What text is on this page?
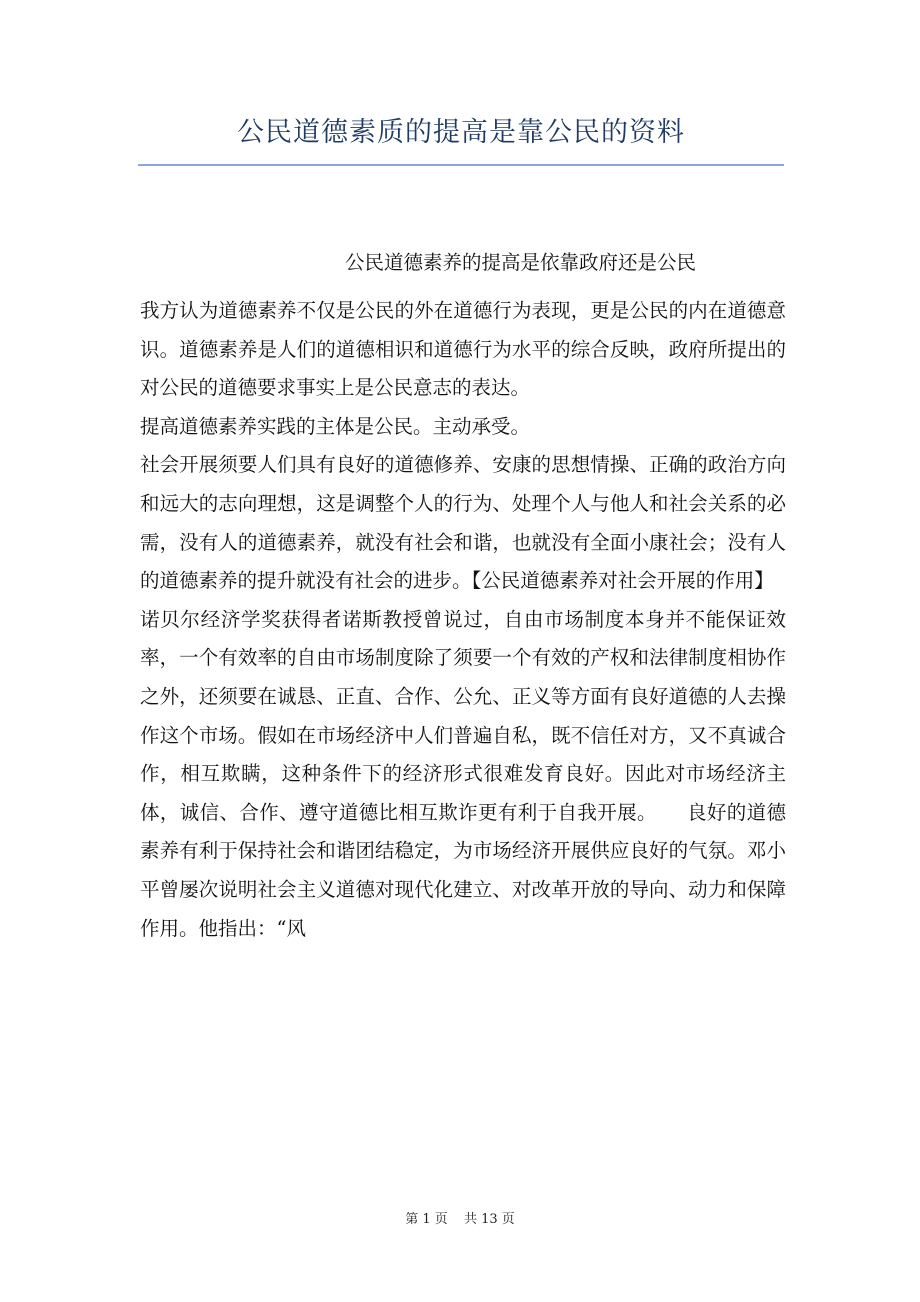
公民道德素质的提高是靠公民的资料
公民道德素养的提高是依靠政府还是公民

我方认为道德素养不仅是公民的外在道德行为表现，更是公民的内在道德意识。道德素养是人们的道德相识和道德行为水平的综合反映，政府所提出的对公民的道德要求事实上是公民意志的表达。

提高道德素养实践的主体是公民。主动承受。

社会开展须要人们具有良好的道德修养、安康的思想情操、正确的政治方向和远大的志向理想，这是调整个人的行为、处理个人与他人和社会关系的必需，没有人的道德素养，就没有社会和谐，也就没有全面小康社会；没有人的道德素养的提升就没有社会的进步。【公民道德素养对社会开展的作用】

诺贝尔经济学奖获得者诺斯教授曾说过，自由市场制度本身并不能保证效率，一个有效率的自由市场制度除了须要一个有效的产权和法律制度相协作之外，还须要在诚恳、正直、合作、公允、正义等方面有良好道德的人去操作这个市场。假如在市场经济中人们普遍自私，既不信任对方，又不真诚合作，相互欺瞒，这种条件下的经济形式很难发育良好。因此对市场经济主体，诚信、合作、遵守道德比相互欺诈更有利于自我开展。　　良好的道德素养有利于保持社会和谐团结稳定，为市场经济开展供应良好的气氛。邓小平曾屡次说明社会主义道德对现代化建立、对改革开放的导向、动力和保障作用。他指出：“风

第 1 页 共 13 页
